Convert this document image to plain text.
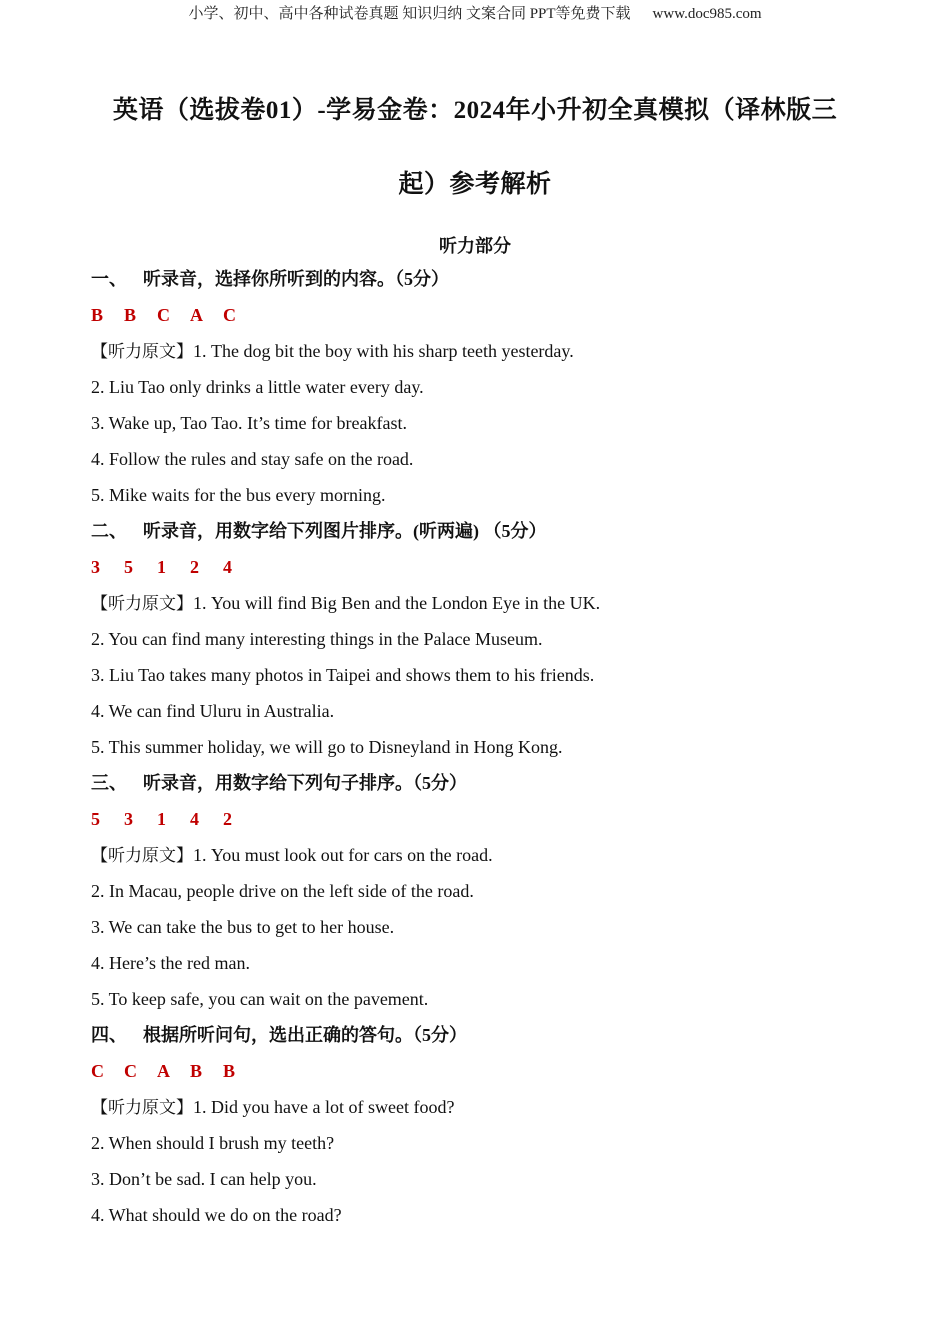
小学、初中、高中各种试卷真题 知识归纳 文案合同 PPT等免费下载 www.doc985.com
英语（选拔卷01）-学易金卷：2024年小升初全真模拟（译林版三
起）参考解析
听力部分
一、 听录音，选择你所听到的内容。（5分）
B B C A C
【听力原文】1. The dog bit the boy with his sharp teeth yesterday.
2. Liu Tao only drinks a little water every day.
3. Wake up, Tao Tao. It’s time for breakfast.
4. Follow the rules and stay safe on the road.
5. Mike waits for the bus every morning.
二、 听录音，用数字给下列图片排序。(听两遍) （5分）
3 5 1 2 4
【听力原文】1. You will find Big Ben and the London Eye in the UK.
2. You can find many interesting things in the Palace Museum.
3. Liu Tao takes many photos in Taipei and shows them to his friends.
4. We can find Uluru in Australia.
5. This summer holiday, we will go to Disneyland in Hong Kong.
三、 听录音，用数字给下列句子排序。（5分）
5 3 1 4 2
【听力原文】1. You must look out for cars on the road.
2. In Macau, people drive on the left side of the road.
3. We can take the bus to get to her house.
4. Here’s the red man.
5. To keep safe, you can wait on the pavement.
四、 根据所听问句，选出正确的答句。（5分）
C C A B B
【听力原文】1. Did you have a lot of sweet food?
2. When should I brush my teeth?
3. Don’t be sad. I can help you.
4. What should we do on the road?
